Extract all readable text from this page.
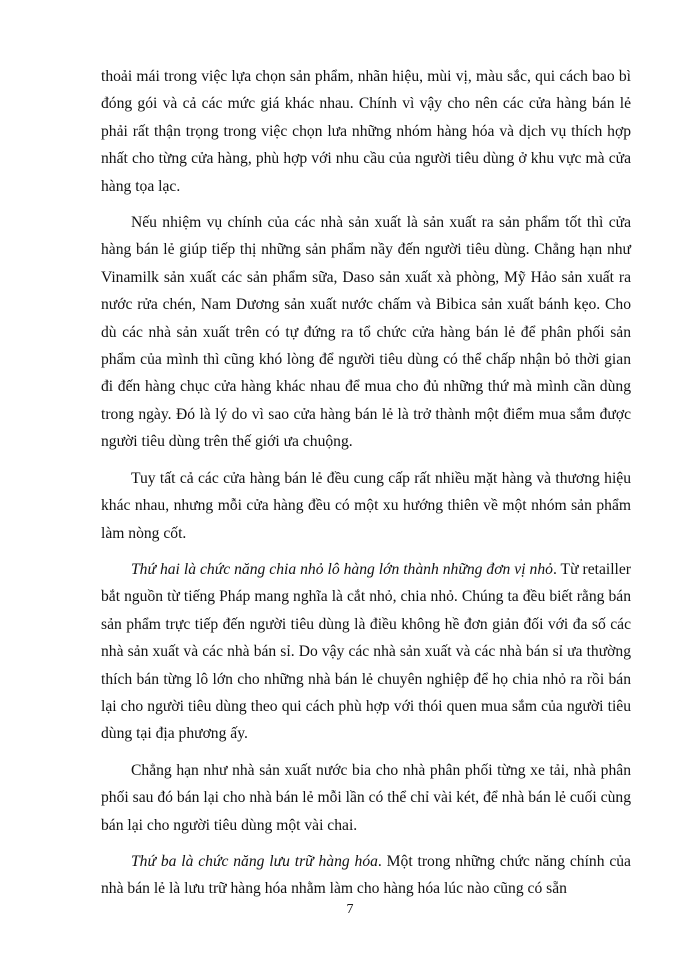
thoải mái trong việc lựa chọn sản phẩm, nhãn hiệu, mùi vị, màu sắc, qui cách bao bì đóng gói và cả các mức giá khác nhau. Chính vì vậy cho nên các cửa hàng bán lẻ phải rất thận trọng trong việc chọn lưa những nhóm hàng hóa và dịch vụ thích hợp nhất cho từng cửa hàng, phù hợp với nhu cầu của người tiêu dùng ở khu vực mà cửa hàng tọa lạc.

Nếu nhiệm vụ chính của các nhà sản xuất là sản xuất ra sản phẩm tốt thì cửa hàng bán lẻ giúp tiếp thị những sản phẩm nầy đến người tiêu dùng. Chẳng hạn như Vinamilk sản xuất các sản phẩm sữa, Daso sản xuất xà phòng, Mỹ Hảo sản xuất ra nước rửa chén, Nam Dương sản xuất nước chấm và Bibica sản xuất bánh kẹo. Cho dù các nhà sản xuất trên có tự đứng ra tổ chức cửa hàng bán lẻ để phân phối sản phẩm của mình thì cũng khó lòng để người tiêu dùng có thể chấp nhận bỏ thời gian đi đến hàng chục cửa hàng khác nhau để mua cho đủ những thứ mà mình cần dùng trong ngày. Đó là lý do vì sao cửa hàng bán lẻ là trở thành một điểm mua sắm được người tiêu dùng trên thế giới ưa chuộng.

Tuy tất cả các cửa hàng bán lẻ đều cung cấp rất nhiều mặt hàng và thương hiệu khác nhau, nhưng mỗi cửa hàng đều có một xu hướng thiên về một nhóm sản phẩm làm nòng cốt.

Thứ hai là chức năng chia nhỏ lô hàng lớn thành những đơn vị nhỏ. Từ retailler bắt nguồn từ tiếng Pháp mang nghĩa là cắt nhỏ, chia nhỏ. Chúng ta đều biết rằng bán sản phẩm trực tiếp đến người tiêu dùng là điều không hề đơn giản đối với đa số các nhà sản xuất và các nhà bán sỉ. Do vậy các nhà sản xuất và các nhà bán sỉ ưa thường thích bán từng lô lớn cho những nhà bán lẻ chuyên nghiệp để họ chia nhỏ ra rồi bán lại cho người tiêu dùng theo qui cách phù hợp với thói quen mua sắm của người tiêu dùng tại địa phương ấy.

Chẳng hạn như nhà sản xuất nước bia cho nhà phân phối từng xe tải, nhà phân phối sau đó bán lại cho nhà bán lẻ mỗi lần có thể chỉ vài két, để nhà bán lẻ cuối cùng bán lại cho người tiêu dùng một vài chai.

Thứ ba là chức năng lưu trữ hàng hóa. Một trong những chức năng chính của nhà bán lẻ là lưu trữ hàng hóa nhằm làm cho hàng hóa lúc nào cũng có sẵn

7
